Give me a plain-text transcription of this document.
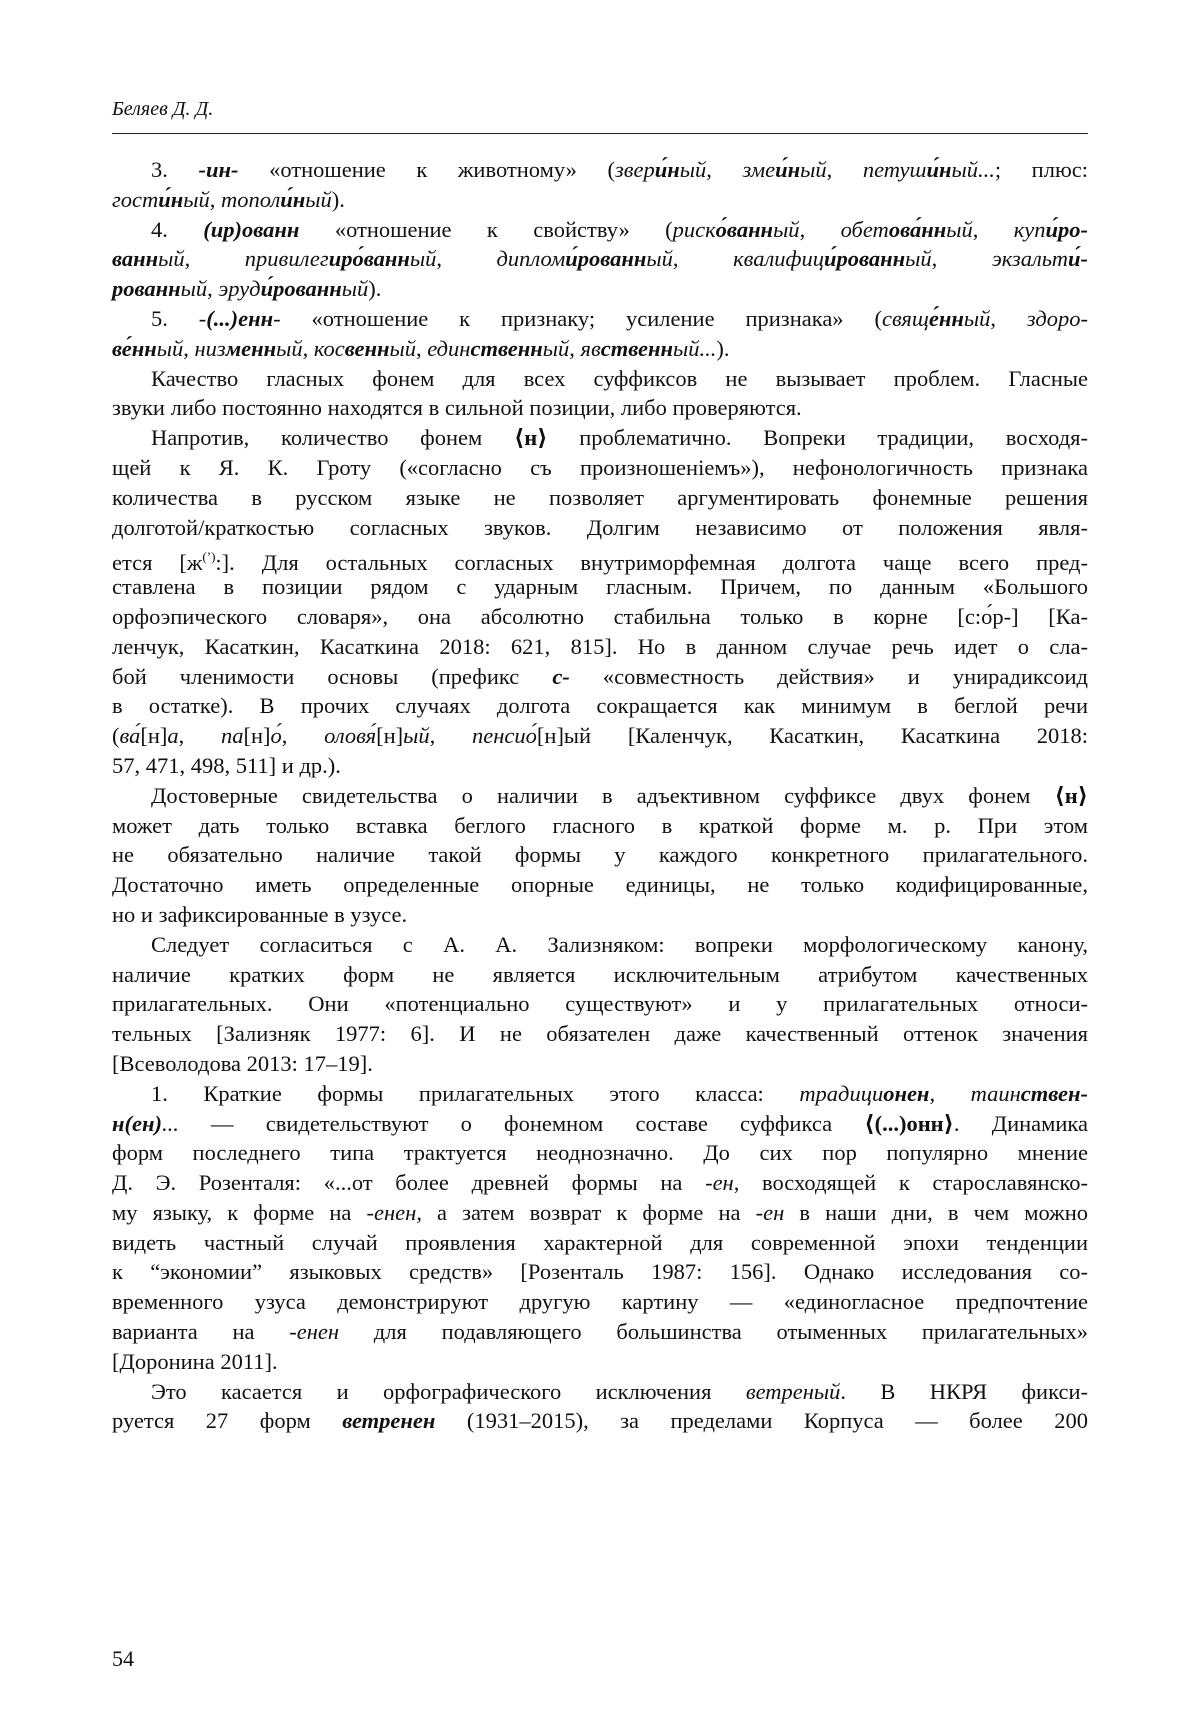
Беляев Д. Д.
3. -ин- «отношение к животному» (звери́ный, змеи́ный, петуши́ный...; плюс:
гости́ный, тополи́ный).
4. (ир)ованн «отношение к свойству» (риско́ванный, обетова́нный, купи́ро-
ванный, привилегиро́ванный, дипломи́рованный, квалифици́рованный, экзальти́-
рованный, эруди́рованный).
5. -(...)енн- «отношение к признаку; усиление признака» (свяще́нный, здоро-
ве́нный, низменный, косвенный, единственный, явственный...).
Качество гласных фонем для всех суффиксов не вызывает проблем. Гласные
звуки либо постоянно находятся в сильной позиции, либо проверяются.
Напротив, количество фонем ⟨н⟩ проблематично. Вопреки традиции, восходя-
щей к Я. К. Гроту («согласно съ произношеніемъ»), нефонологичность признака
количества в русском языке не позволяет аргументировать фонемные решения
долготой/краткостью согласных звуков. Долгим независимо от положения явля-
ется $[ж^{(ʼ)}:]$. Для остальных согласных внутриморфемная долгота чаще всего пред-
ставлена в позиции рядом с ударным гласным. Причем, по данным «Большого
орфоэпического словаря», она абсолютно стабильна только в корне [с:о́р-] [Ка-
ленчук, Касаткин, Касаткина 2018: 621, 815]. Но в данном случае речь идет о сла-
бой членимости основы (префикс с- «совместность действия» и унирадиксоид
в остатке). В прочих случаях долгота сокращается как минимум в беглой речи
(ва́[н]а, па[н]о́, оловя́[н]ый, пенсио́[н]ый [Каленчук, Касаткин, Касаткина 2018:
57, 471, 498, 511] и др.).
Достоверные свидетельства о наличии в адъективном суффиксе двух фонем ⟨н⟩
может дать только вставка беглого гласного в краткой форме м. р. При этом
не обязательно наличие такой формы у каждого конкретного прилагательного.
Достаточно иметь определенные опорные единицы, не только кодифицированные,
но и зафиксированные в узусе.
Следует согласиться с А. А. Зализняком: вопреки морфологическому канону,
наличие кратких форм не является исключительным атрибутом качественных
прилагательных. Они «потенциально существуют» и у прилагательных относи-
тельных [Зализняк 1977: 6]. И не обязателен даже качественный оттенок значения
[Всеволодова 2013: 17–19].
1. Краткие формы прилагательных этого класса: традиционен, таинствен-
н(ен)... — свидетельствуют о фонемном составе суффикса ⟨(...)онн⟩. Динамика
форм последнего типа трактуется неоднозначно. До сих пор популярно мнение
Д. Э. Розенталя: «...от более древней формы на -ен, восходящей к старославянско-
му языку, к форме на -енен, а затем возврат к форме на -ен в наши дни, в чем можно
видеть частный случай проявления характерной для современной эпохи тенденции
к “экономии” языковых средств» [Розенталь 1987: 156]. Однако исследования со-
временного узуса демонстрируют другую картину — «единогласное предпочтение
варианта на -енен для подавляющего большинства отыменных прилагательных»
[Доронина 2011].
Это касается и орфографического исключения ветреный. В НКРЯ фикси-
руется 27 форм ветренен (1931–2015), за пределами Корпуса — более 200
54
